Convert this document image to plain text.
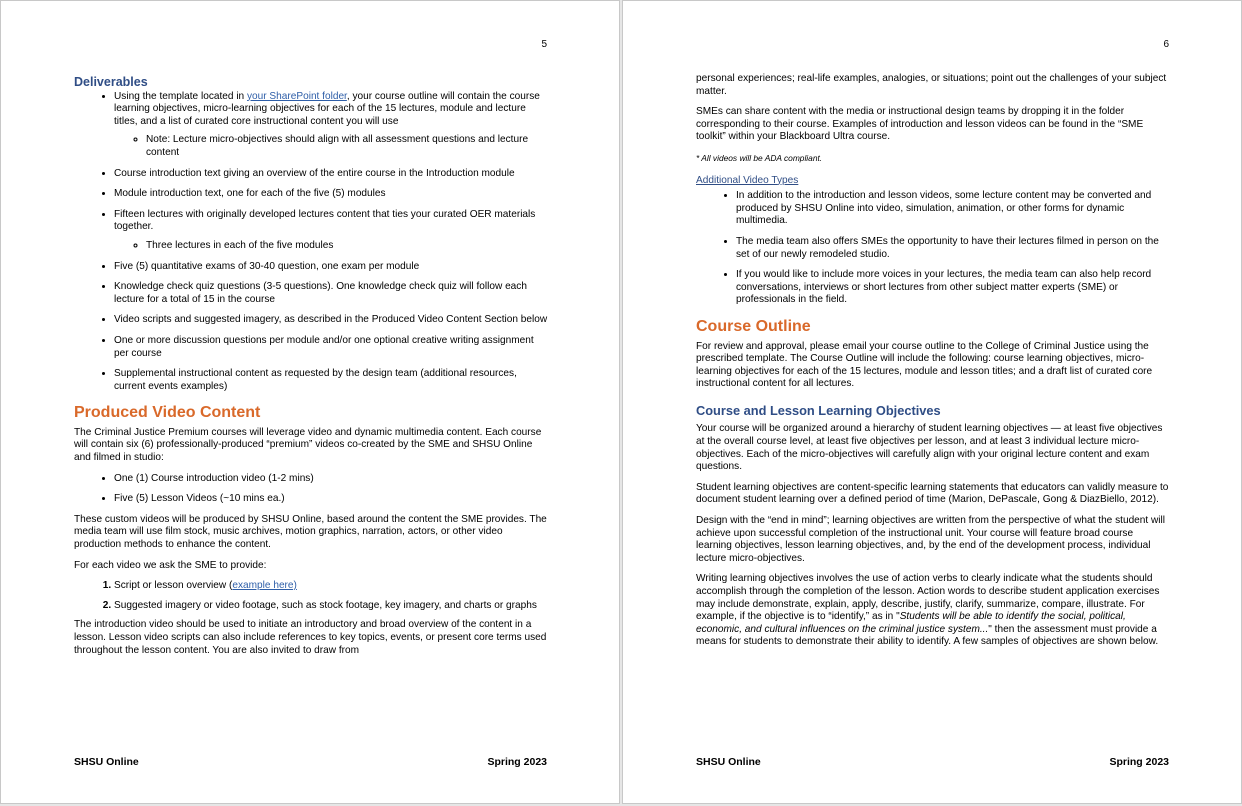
5
Deliverables
• Using the template located in your SharePoint folder, your course outline will contain the course learning objectives, micro-learning objectives for each of the 15 lectures, module and lecture titles, and a list of curated core instructional content you will use
◦ Note: Lecture micro-objectives should align with all assessment questions and lecture content
• Course introduction text giving an overview of the entire course in the Introduction module
• Module introduction text, one for each of the five (5) modules
• Fifteen lectures with originally developed lectures content that ties your curated OER materials together.
◦ Three lectures in each of the five modules
• Five (5) quantitative exams of 30-40 question, one exam per module
• Knowledge check quiz questions (3-5 questions). One knowledge check quiz will follow each lecture for a total of 15 in the course
• Video scripts and suggested imagery, as described in the Produced Video Content Section below
• One or more discussion questions per module and/or one optional creative writing assignment per course
• Supplemental instructional content as requested by the design team (additional resources, current events examples)
Produced Video Content

The Criminal Justice Premium courses will leverage video and dynamic multimedia content. Each course will contain six (6) professionally-produced “premium” videos co-created by the SME and SHSU Online and filmed in studio:

• One (1) Course introduction video (1-2 mins)
• Five (5) Lesson Videos (~10 mins ea.)

These custom videos will be produced by SHSU Online, based around the content the SME provides. The media team will use film stock, music archives, motion graphics, narration, actors, or other video production methods to enhance the content.

For each video we ask the SME to provide:

1. Script or lesson overview (example here)
2. Suggested imagery or video footage, such as stock footage, key imagery, and charts or graphs

The introduction video should be used to initiate an introductory and broad overview of the content in a lesson. Lesson video scripts can also include references to key topics, events, or present core terms used throughout the lesson content. You are also invited to draw from

SHSU Online	Spring 2023
6

personal experiences; real-life examples, analogies, or situations; point out the challenges of your subject matter.

SMEs can share content with the media or instructional design teams by dropping it in the folder corresponding to their course. Examples of introduction and lesson videos can be found in the “SME toolkit” within your Blackboard Ultra course.

* All videos will be ADA compliant.

Additional Video Types

• In addition to the introduction and lesson videos, some lecture content may be converted and produced by SHSU Online into video, simulation, animation, or other forms for dynamic multimedia.
• The media team also offers SMEs the opportunity to have their lectures filmed in person on the set of our newly remodeled studio.
• If you would like to include more voices in your lectures, the media team can also help record conversations, interviews or short lectures from other subject matter experts (SME) or professionals in the field.
Course Outline

For review and approval, please email your course outline to the College of Criminal Justice using the prescribed template. The Course Outline will include the following: course learning objectives, micro-learning objectives for each of the 15 lectures, module and lesson titles; and a draft list of curated core instructional content for all lectures.

Course and Lesson Learning Objectives

Your course will be organized around a hierarchy of student learning objectives — at least five objectives at the overall course level, at least five objectives per lesson, and at least 3 individual lecture micro-objectives. Each of the micro-objectives will carefully align with your original lecture content and exam questions.

Student learning objectives are content-specific learning statements that educators can validly measure to document student learning over a defined period of time (Marion, DePascale, Gong & DiazBiello, 2012).

Design with the “end in mind”; learning objectives are written from the perspective of what the student will achieve upon successful completion of the instructional unit. Your course will feature broad course learning objectives, lesson learning objectives, and, by the end of the development process, individual lecture micro-objectives.

Writing learning objectives involves the use of action verbs to clearly indicate what the students should accomplish through the completion of the lesson. Action words to describe student application exercises may include demonstrate, explain, apply, describe, justify, clarify, summarize, compare, illustrate. For example, if the objective is to “identify,” as in "Students will be able to identify the social, political, economic, and cultural influences on the criminal justice system..." then the assessment must provide a means for students to demonstrate their ability to identify. A few samples of objectives are shown below.

SHSU Online	Spring 2023
